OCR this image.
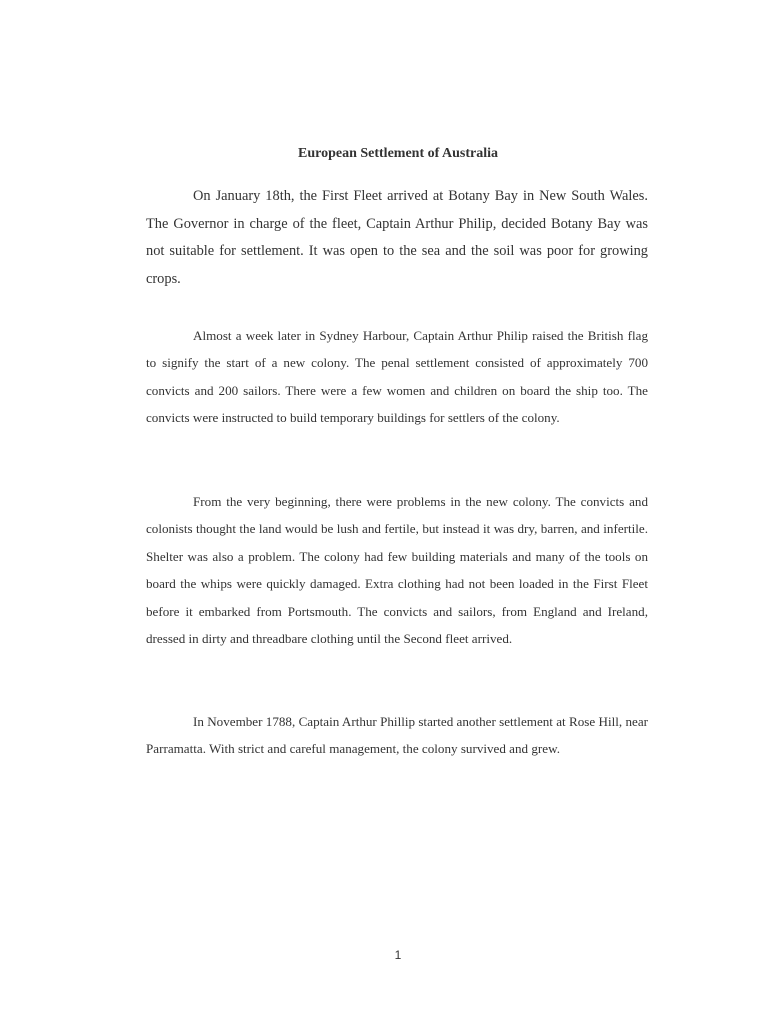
European Settlement of Australia

On January 18th, the First Fleet arrived at Botany Bay in New South Wales. The Governor in charge of the fleet, Captain Arthur Philip, decided Botany Bay was not suitable for settlement. It was open to the sea and the soil was poor for growing crops.

Almost a week later in Sydney Harbour, Captain Arthur Philip raised the British flag to signify the start of a new colony. The penal settlement consisted of approximately 700 convicts and 200 sailors. There were a few women and children on board the ship too. The convicts were instructed to build temporary buildings for settlers of the colony.

From the very beginning, there were problems in the new colony. The convicts and colonists thought the land would be lush and fertile, but instead it was dry, barren, and infertile. Shelter was also a problem. The colony had few building materials and many of the tools on board the whips were quickly damaged. Extra clothing had not been loaded in the First Fleet before it embarked from Portsmouth. The convicts and sailors, from England and Ireland, dressed in dirty and threadbare clothing until the Second fleet arrived.

In November 1788, Captain Arthur Phillip started another settlement at Rose Hill, near Parramatta. With strict and careful management, the colony survived and grew.

1
